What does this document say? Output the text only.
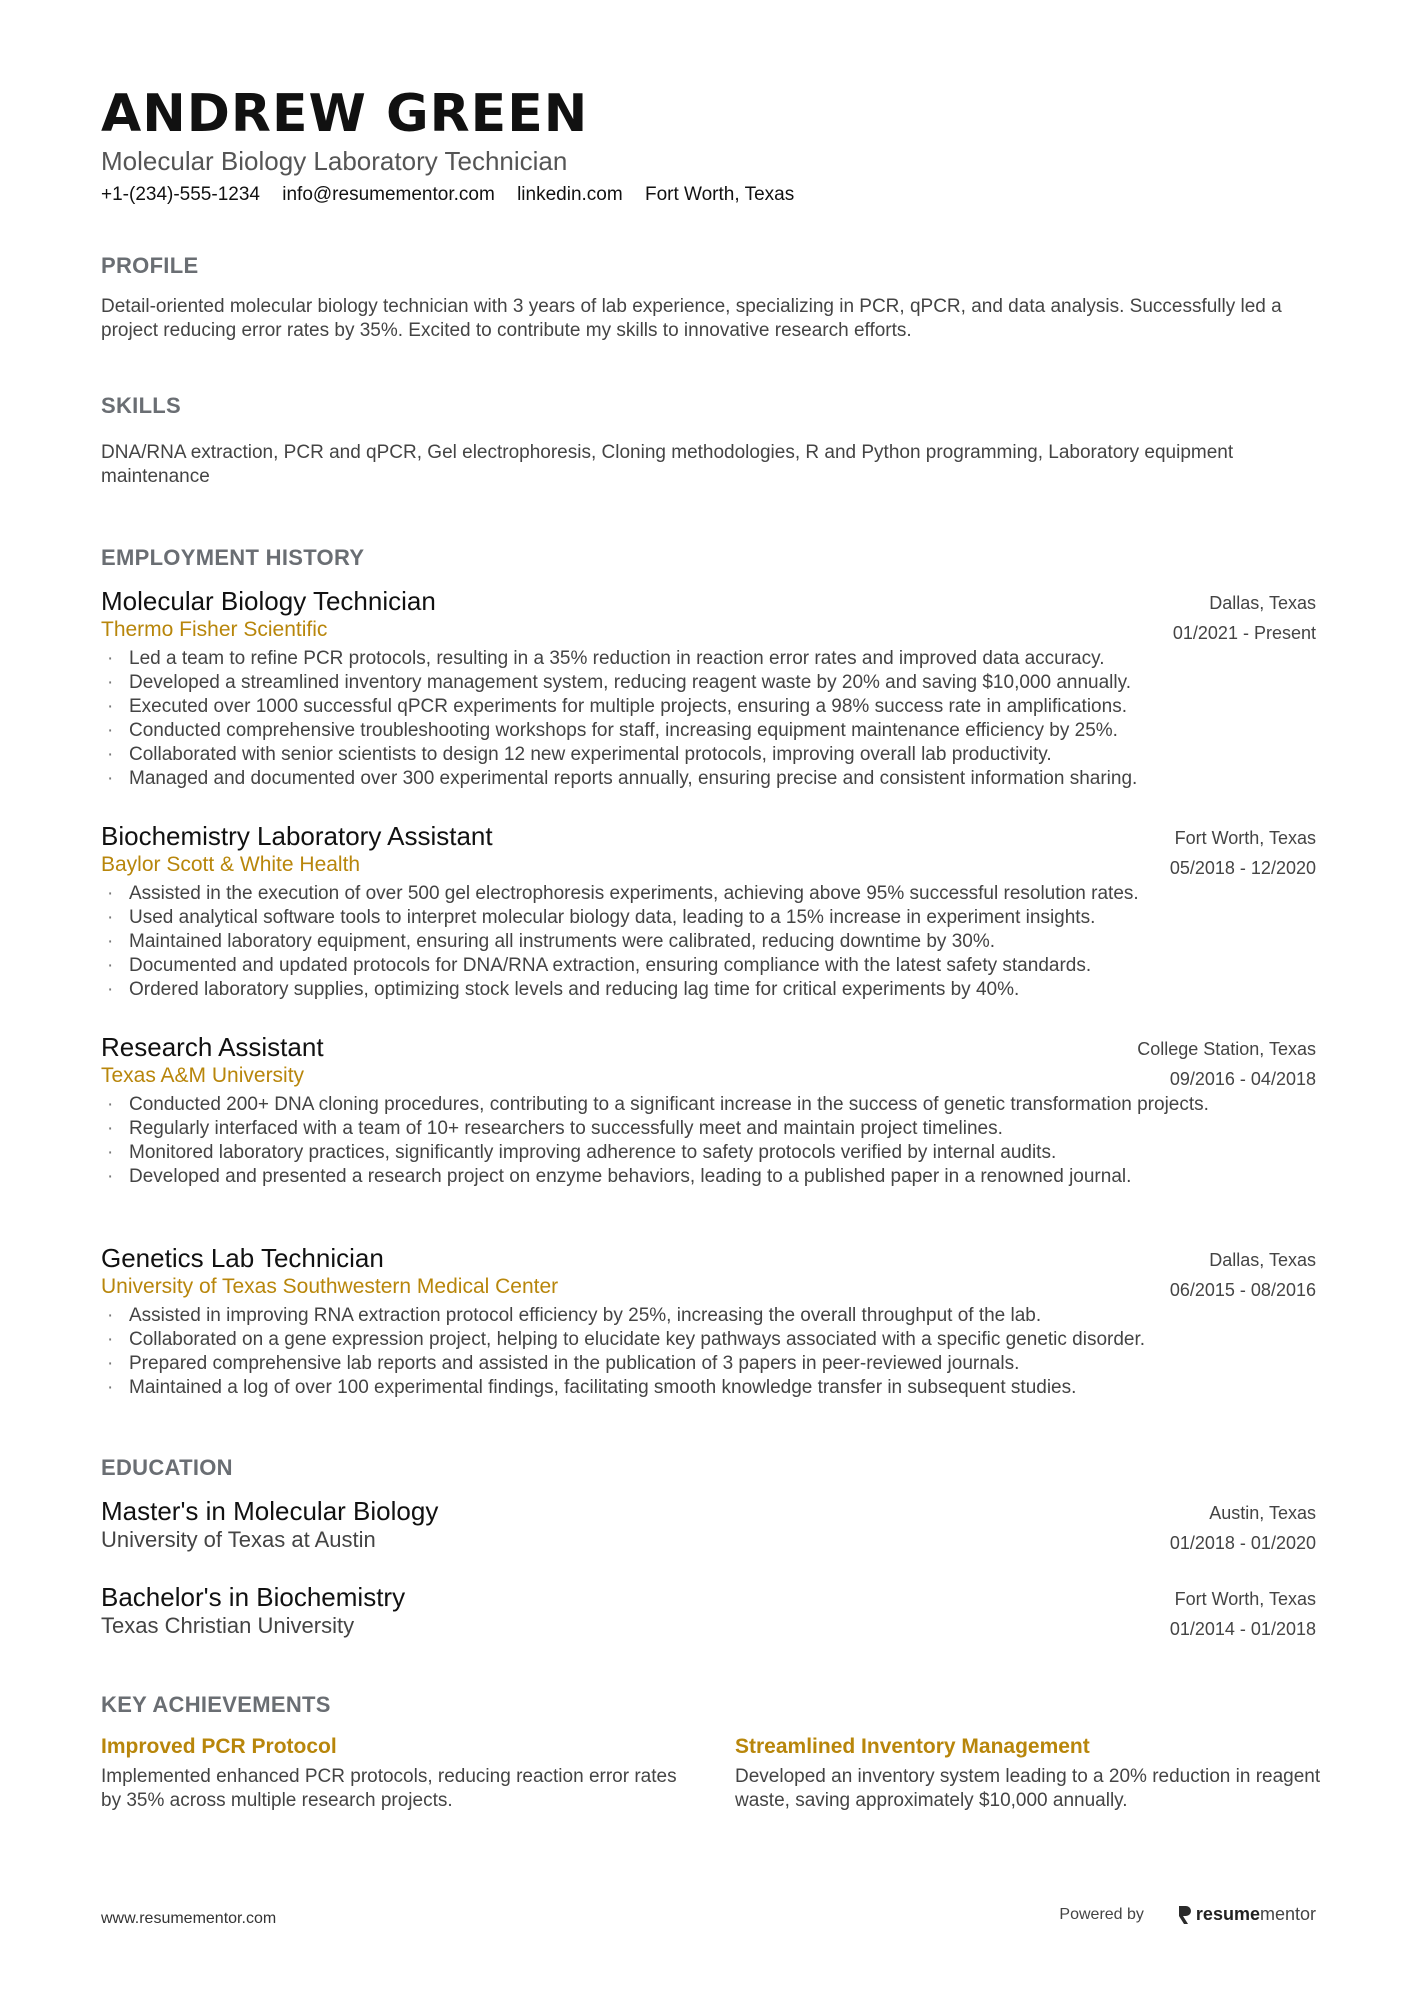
ANDREW GREEN
Molecular Biology Laboratory Technician
+1-(234)-555-1234 info@resumementor.com linkedin.com Fort Worth, Texas
PROFILE
Detail-oriented molecular biology technician with 3 years of lab experience, specializing in PCR, qPCR, and data analysis. Successfully led a project reducing error rates by 35%. Excited to contribute my skills to innovative research efforts.
SKILLS
DNA/RNA extraction, PCR and qPCR, Gel electrophoresis, Cloning methodologies, R and Python programming, Laboratory equipment maintenance
EMPLOYMENT HISTORY
Molecular Biology Technician
Thermo Fisher Scientific
Dallas, Texas
01/2021 - Present
· Led a team to refine PCR protocols, resulting in a 35% reduction in reaction error rates and improved data accuracy.
· Developed a streamlined inventory management system, reducing reagent waste by 20% and saving $10,000 annually.
· Executed over 1000 successful qPCR experiments for multiple projects, ensuring a 98% success rate in amplifications.
· Conducted comprehensive troubleshooting workshops for staff, increasing equipment maintenance efficiency by 25%.
· Collaborated with senior scientists to design 12 new experimental protocols, improving overall lab productivity.
· Managed and documented over 300 experimental reports annually, ensuring precise and consistent information sharing.
Biochemistry Laboratory Assistant
Baylor Scott & White Health
Fort Worth, Texas
05/2018 - 12/2020
· Assisted in the execution of over 500 gel electrophoresis experiments, achieving above 95% successful resolution rates.
· Used analytical software tools to interpret molecular biology data, leading to a 15% increase in experiment insights.
· Maintained laboratory equipment, ensuring all instruments were calibrated, reducing downtime by 30%.
· Documented and updated protocols for DNA/RNA extraction, ensuring compliance with the latest safety standards.
· Ordered laboratory supplies, optimizing stock levels and reducing lag time for critical experiments by 40%.
Research Assistant
Texas A&M University
College Station, Texas
09/2016 - 04/2018
· Conducted 200+ DNA cloning procedures, contributing to a significant increase in the success of genetic transformation projects.
· Regularly interfaced with a team of 10+ researchers to successfully meet and maintain project timelines.
· Monitored laboratory practices, significantly improving adherence to safety protocols verified by internal audits.
· Developed and presented a research project on enzyme behaviors, leading to a published paper in a renowned journal.
Genetics Lab Technician
University of Texas Southwestern Medical Center
Dallas, Texas
06/2015 - 08/2016
· Assisted in improving RNA extraction protocol efficiency by 25%, increasing the overall throughput of the lab.
· Collaborated on a gene expression project, helping to elucidate key pathways associated with a specific genetic disorder.
· Prepared comprehensive lab reports and assisted in the publication of 3 papers in peer-reviewed journals.
· Maintained a log of over 100 experimental findings, facilitating smooth knowledge transfer in subsequent studies.
EDUCATION
Master's in Molecular Biology
University of Texas at Austin
Austin, Texas
01/2018 - 01/2020
Bachelor's in Biochemistry
Texas Christian University
Fort Worth, Texas
01/2014 - 01/2018
KEY ACHIEVEMENTS
Improved PCR Protocol
Implemented enhanced PCR protocols, reducing reaction error rates by 35% across multiple research projects.
Streamlined Inventory Management
Developed an inventory system leading to a 20% reduction in reagent waste, saving approximately $10,000 annually.
www.resumementor.com	Powered by	resumementor
